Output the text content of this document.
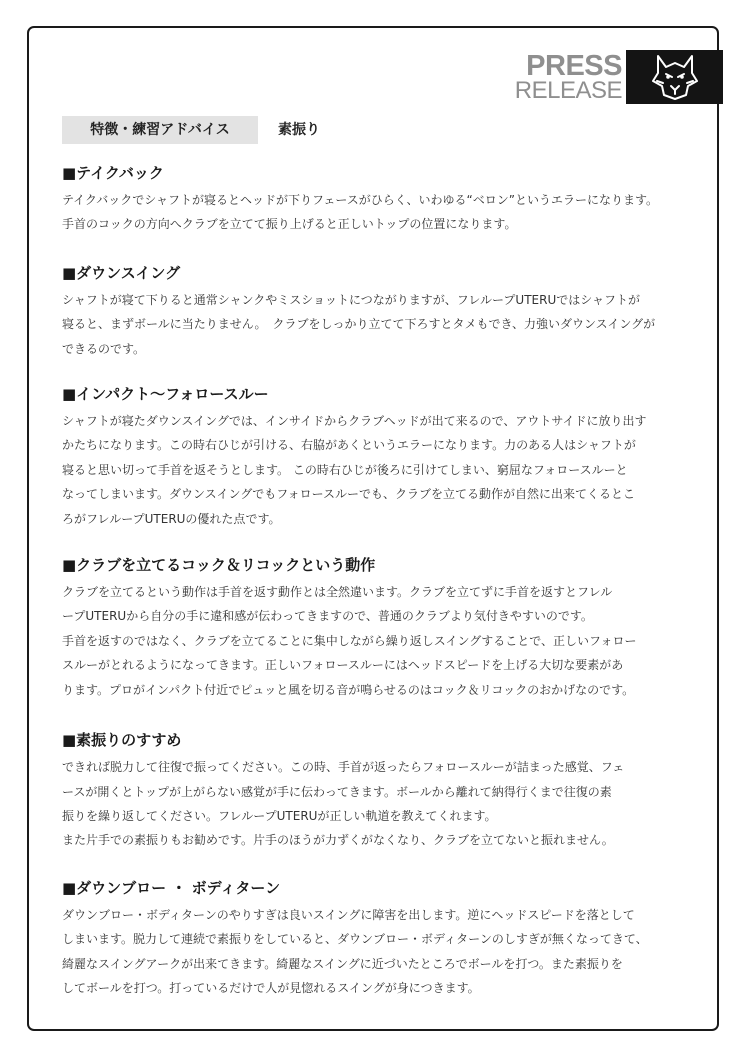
PRESS
RELEASE
特徴・練習アドバイス	素振り
■テイクバック
テイクバックでシャフトが寝るとヘッドが下りフェースがひらく、いわゆる“ベロン”というエラーになります。
手首のコックの方向へクラブを立てて振り上げると正しいトップの位置になります。
■ダウンスイング
シャフトが寝て下りると通常シャンクやミスショットにつながりますが、フレループUTERUではシャフトが
寝ると、まずボールに当たりません。　クラブをしっかり立てて下ろすとタメもでき、力強いダウンスイングが
できるのです。
■インパクト〜フォロースルー
シャフトが寝たダウンスイングでは、インサイドからクラブヘッドが出て来るので、アウトサイドに放り出す
かたちになります。この時右ひじが引ける、右脇があくというエラーになります。力のある人はシャフトが
寝ると思い切って手首を返そうとします。 この時右ひじが後ろに引けてしまい、窮屈なフォロースルーと
なってしまいます。ダウンスイングでもフォロースルーでも、クラブを立てる動作が自然に出来てくるとこ
ろがフレループUTERUの優れた点です。
■クラブを立てるコック＆リコックという動作
クラブを立てるという動作は手首を返す動作とは全然違います。クラブを立てずに手首を返すとフレル
ープUTERUから自分の手に違和感が伝わってきますので、普通のクラブより気付きやすいのです。
手首を返すのではなく、クラブを立てることに集中しながら繰り返しスイングすることで、正しいフォロー
スルーがとれるようになってきます。正しいフォロースルーにはヘッドスピードを上げる大切な要素があ
ります。プロがインパクト付近でピュッと風を切る音が鳴らせるのはコック＆リコックのおかげなのです。
■素振りのすすめ
できれば脱力して往復で振ってください。この時、手首が返ったらフォロースルーが詰まった感覚、フェ
ースが開くとトップが上がらない感覚が手に伝わってきます。ボールから離れて納得行くまで往復の素
振りを繰り返してください。フレループUTERUが正しい軌道を教えてくれます。
また片手での素振りもお勧めです。片手のほうが力ずくがなくなり、クラブを立てないと振れません。
■ダウンブロー ・ ボディターン
ダウンブロー・ボディターンのやりすぎは良いスイングに障害を出します。逆にヘッドスピードを落として
しまいます。脱力して連続で素振りをしていると、ダウンブロー・ボディターンのしすぎが無くなってきて、
綺麗なスイングアークが出来てきます。綺麗なスイングに近づいたところでボールを打つ。また素振りを
してボールを打つ。打っているだけで人が見惚れるスイングが身につきます。
